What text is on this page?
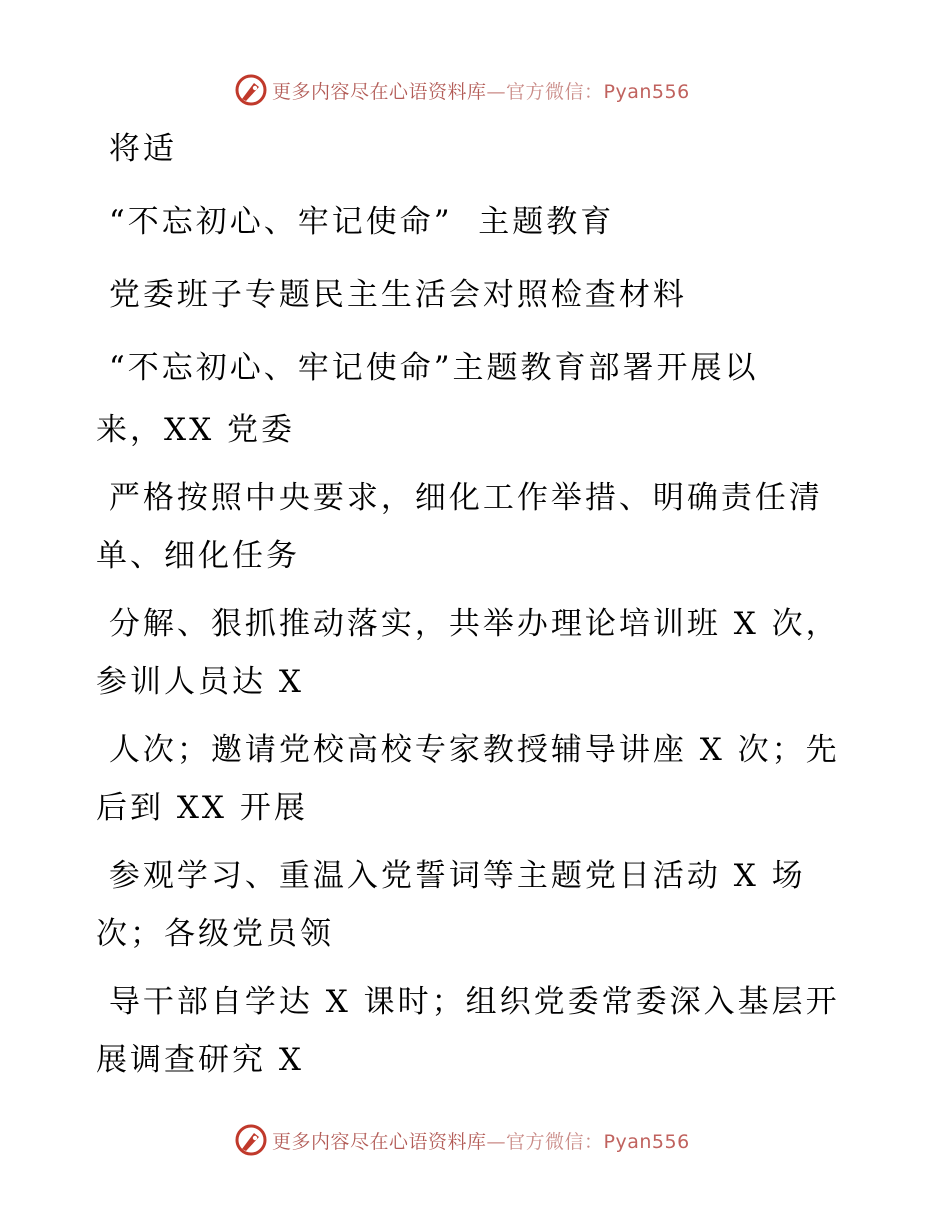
更多内容尽在心语资料库—官方微信：Pyan556
将适
“不忘初心、牢记使命”  主题教育
党委班子专题民主生活会对照检查材料
“不忘初心、牢记使命”主题教育部署开展以
来，XX 党委
严格按照中央要求，细化工作举措、明确责任清
单、细化任务
分解、狠抓推动落实，共举办理论培训班 X 次，
参训人员达 X
人次；邀请党校高校专家教授辅导讲座 X 次；先
后到 XX 开展
参观学习、重温入党誓词等主题党日活动 X 场
次；各级党员领
导干部自学达 X 课时；组织党委常委深入基层开
展调查研究 X
更多内容尽在心语资料库—官方微信：Pyan556
